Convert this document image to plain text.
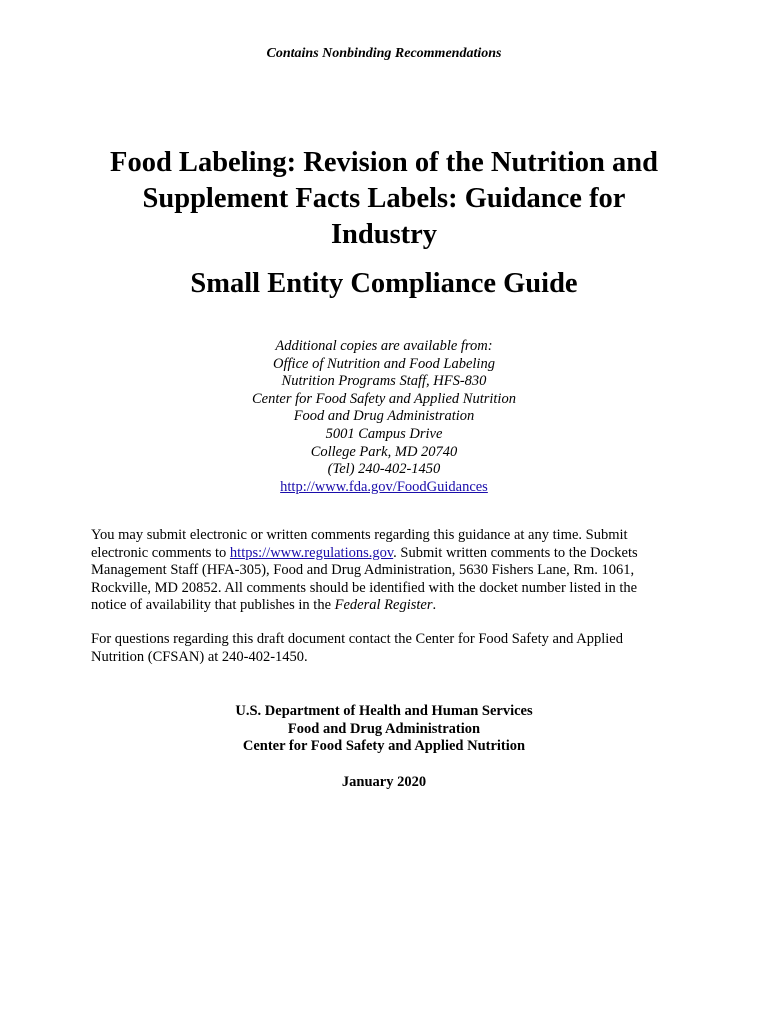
Contains Nonbinding Recommendations
Food Labeling: Revision of the Nutrition and
Supplement Facts Labels: Guidance for
Industry
Small Entity Compliance Guide
Additional copies are available from:
Office of Nutrition and Food Labeling
Nutrition Programs Staff, HFS-830
Center for Food Safety and Applied Nutrition
Food and Drug Administration
5001 Campus Drive
College Park, MD 20740
(Tel) 240-402-1450
http://www.fda.gov/FoodGuidances
You may submit electronic or written comments regarding this guidance at any time. Submit
electronic comments to https://www.regulations.gov. Submit written comments to the Dockets
Management Staff (HFA-305), Food and Drug Administration, 5630 Fishers Lane, Rm. 1061,
Rockville, MD 20852. All comments should be identified with the docket number listed in the
notice of availability that publishes in the Federal Register.
For questions regarding this draft document contact the Center for Food Safety and Applied
Nutrition (CFSAN) at 240-402-1450.
U.S. Department of Health and Human Services
Food and Drug Administration
Center for Food Safety and Applied Nutrition
January 2020
